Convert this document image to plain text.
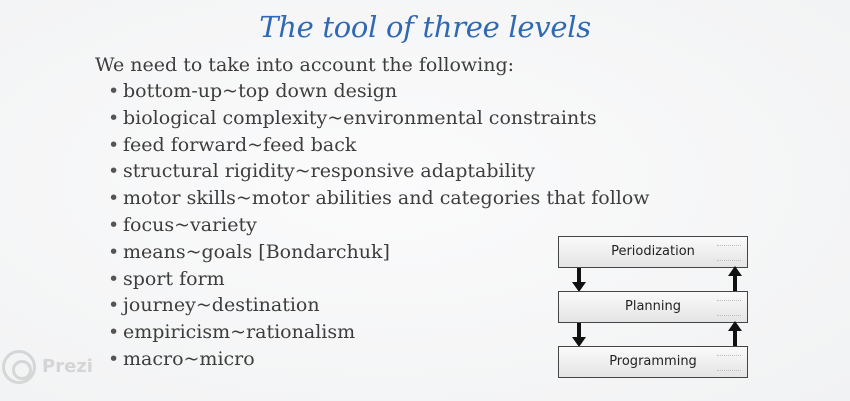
The tool of three levels
We need to take into account the following:
• bottom-up~top down design
• biological complexity~environmental constraints
• feed forward~feed back
• structural rigidity~responsive adaptability
• motor skills~motor abilities and categories that follow
• focus~variety
• means~goals [Bondarchuk]
• sport form
• journey~destination
• empiricism~rationalism
• macro~micro
Periodization
Planning
Programming
Prezi
